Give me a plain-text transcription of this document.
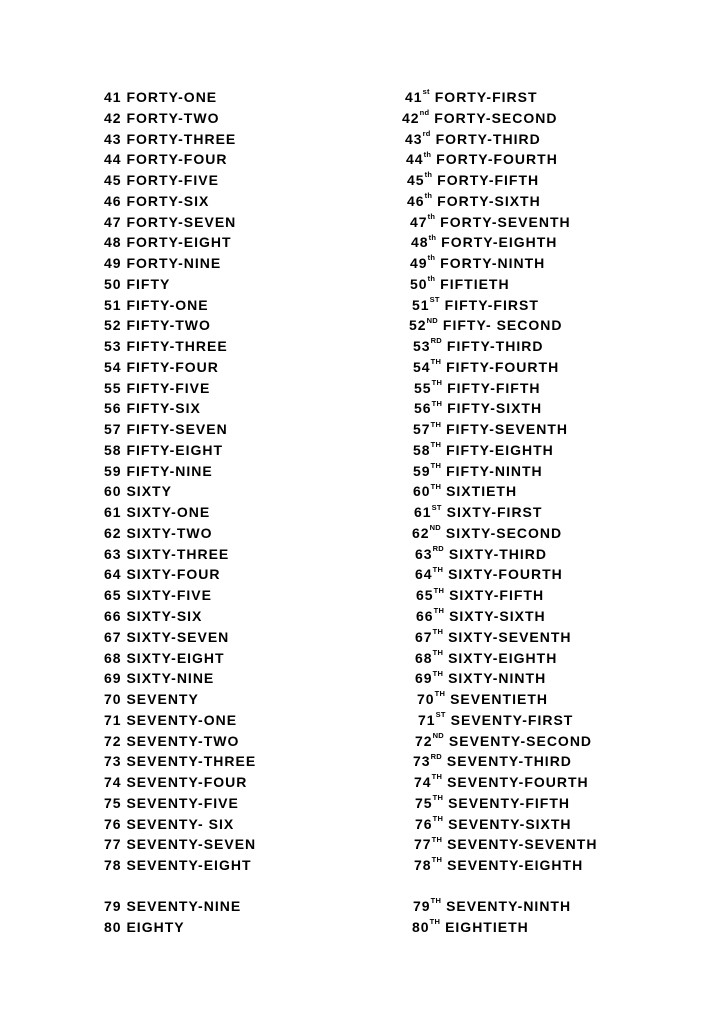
41 FORTY-ONE	41st FORTY-FIRST
42 FORTY-TWO	42nd FORTY-SECOND
43 FORTY-THREE	43rd FORTY-THIRD
44 FORTY-FOUR	44th FORTY-FOURTH
45 FORTY-FIVE	45th FORTY-FIFTH
46 FORTY-SIX	46th FORTY-SIXTH
47 FORTY-SEVEN	47th FORTY-SEVENTH
48 FORTY-EIGHT	48th FORTY-EIGHTH
49 FORTY-NINE	49th FORTY-NINTH
50 FIFTY	50th FIFTIETH
51 FIFTY-ONE	51ST FIFTY-FIRST
52 FIFTY-TWO	52ND FIFTY- SECOND
53 FIFTY-THREE	53RD FIFTY-THIRD
54 FIFTY-FOUR	54TH FIFTY-FOURTH
55 FIFTY-FIVE	55TH FIFTY-FIFTH
56 FIFTY-SIX	56TH FIFTY-SIXTH
57 FIFTY-SEVEN	57TH FIFTY-SEVENTH
58 FIFTY-EIGHT	58TH FIFTY-EIGHTH
59 FIFTY-NINE	59TH FIFTY-NINTH
60 SIXTY	60TH SIXTIETH
61 SIXTY-ONE	61ST SIXTY-FIRST
62 SIXTY-TWO	62ND SIXTY-SECOND
63 SIXTY-THREE	63RD SIXTY-THIRD
64 SIXTY-FOUR	64TH SIXTY-FOURTH
65 SIXTY-FIVE	65TH SIXTY-FIFTH
66 SIXTY-SIX	66TH SIXTY-SIXTH
67 SIXTY-SEVEN	67TH SIXTY-SEVENTH
68 SIXTY-EIGHT	68TH SIXTY-EIGHTH
69 SIXTY-NINE	69TH SIXTY-NINTH
70 SEVENTY	70TH SEVENTIETH
71 SEVENTY-ONE	71ST SEVENTY-FIRST
72 SEVENTY-TWO	72ND SEVENTY-SECOND
73 SEVENTY-THREE	73RD SEVENTY-THIRD
74 SEVENTY-FOUR	74TH SEVENTY-FOURTH
75 SEVENTY-FIVE	75TH SEVENTY-FIFTH
76 SEVENTY- SIX	76TH SEVENTY-SIXTH
77 SEVENTY-SEVEN	77TH SEVENTY-SEVENTH
78 SEVENTY-EIGHT	78TH SEVENTY-EIGHTH
79 SEVENTY-NINE	79TH SEVENTY-NINTH
80 EIGHTY	80TH EIGHTIETH
